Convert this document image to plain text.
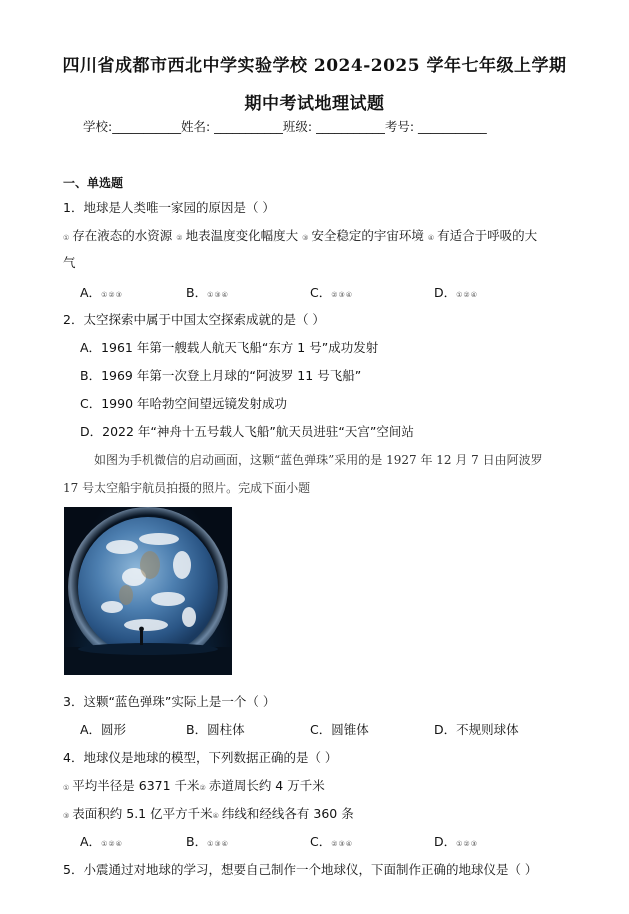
四川省成都市西北中学实验学校 2024-2025 学年七年级上学期
期中考试地理试题
学校:___________姓名: ___________班级: ___________考号: ___________
一、单选题
1．地球是人类唯一家园的原因是（ ）
① 存在液态的水资源 ② 地表温度变化幅度大 ③ 安全稳定的宇宙环境 ④ 有适合于呼吸的大
气
A．①②③	B．①③④	C．②③④	D．①②④
2．太空探索中属于中国太空探索成就的是（ ）
A．1961 年第一艘载人航天飞船“东方 1 号”成功发射
B．1969 年第一次登上月球的“阿波罗 11 号飞船”
C．1990 年哈勃空间望远镜发射成功
D．2022 年“神舟十五号载人飞船”航天员进驻“天宫”空间站
如图为手机微信的启动画面，这颗“蓝色弹珠”采用的是 1927 年 12 月 7 日由阿波罗
17 号太空船宇航员拍摄的照片。完成下面小题
3．这颗“蓝色弹珠”实际上是一个（ ）
A．圆形	B．圆柱体	C．圆锥体	D．不规则球体
4．地球仪是地球的模型，下列数据正确的是（ ）
① 平均半径是 6371 千米② 赤道周长约 4 万千米
③ 表面积约 5.1 亿平方千米④ 纬线和经线各有 360 条
A．①②④	B．①③④	C．②③④	D．①②③
5．小震通过对地球的学习，想要自己制作一个地球仪，下面制作正确的地球仪是（ ）
